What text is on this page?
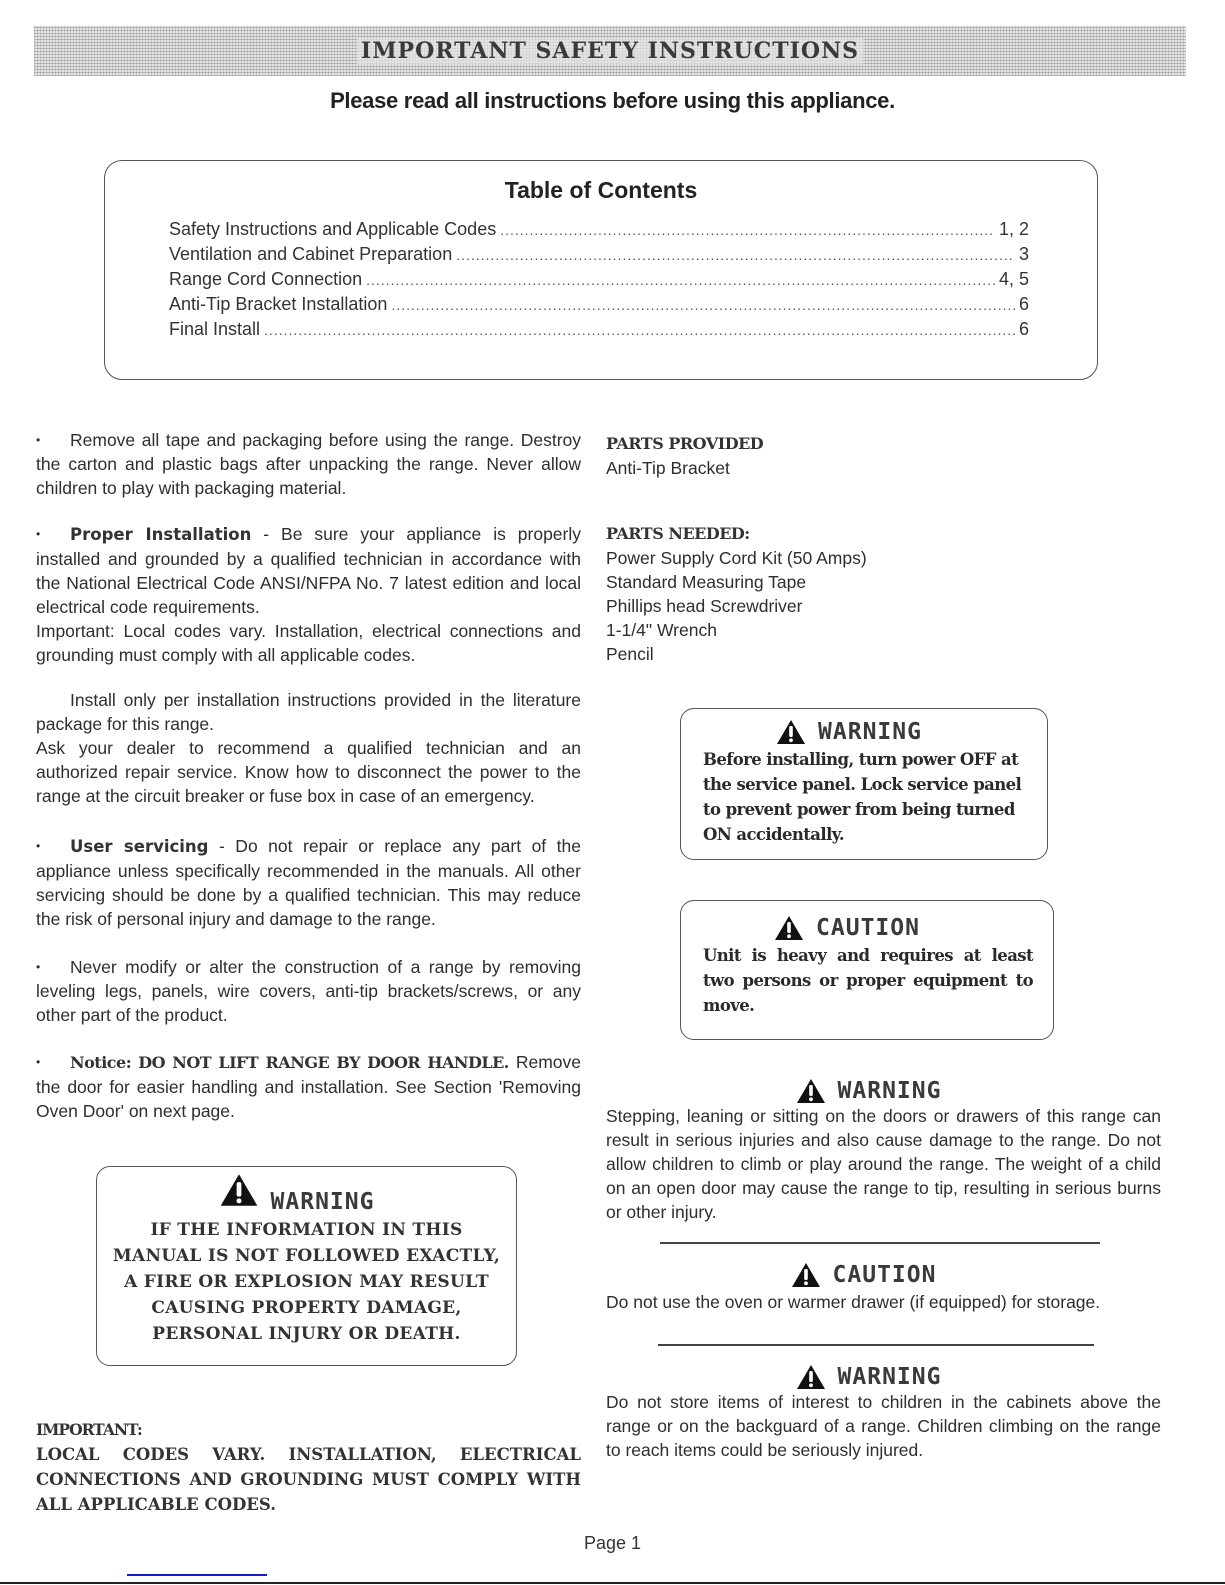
IMPORTANT SAFETY INSTRUCTIONS
Please read all instructions before using this appliance.
Table of Contents
Safety Instructions and Applicable Codes .....	1, 2
Ventilation and Cabinet Preparation .....	3
Range Cord Connection .....	4, 5
Anti-Tip Bracket Installation .....	6
Final Install .....	6

• Remove all tape and packaging before using the range. Destroy the carton and plastic bags after unpacking the range. Never allow children to play with packaging material.

• Proper Installation - Be sure your appliance is properly installed and grounded by a qualified technician in accordance with the National Electrical Code ANSI/NFPA No. 7 latest edition and local electrical code requirements.

Important: Local codes vary. Installation, electrical connections and grounding must comply with all applicable codes.

Install only per installation instructions provided in the literature package for this range.

Ask your dealer to recommend a qualified technician and an authorized repair service. Know how to disconnect the power to the range at the circuit breaker or fuse box in case of an emergency.

• User servicing - Do not repair or replace any part of the appliance unless specifically recommended in the manuals. All other servicing should be done by a qualified technician. This may reduce the risk of personal injury and damage to the range.

• Never modify or alter the construction of a range by removing leveling legs, panels, wire covers, anti-tip brackets/screws, or any other part of the product.

• Notice: DO NOT LIFT RANGE BY DOOR HANDLE. Remove the door for easier handling and installation. See Section 'Removing Oven Door' on next page.

WARNING
IF THE INFORMATION IN THIS
MANUAL IS NOT FOLLOWED EXACTLY,
A FIRE OR EXPLOSION MAY RESULT
CAUSING PROPERTY DAMAGE,
PERSONAL INJURY OR DEATH.
IMPORTANT:
LOCAL CODES VARY. INSTALLATION, ELECTRICAL CONNECTIONS AND GROUNDING MUST COMPLY WITH ALL APPLICABLE CODES.
PARTS PROVIDED
Anti-Tip Bracket
PARTS NEEDED:
Power Supply Cord Kit (50 Amps)
Standard Measuring Tape
Phillips head Screwdriver
1-1/4" Wrench
Pencil
WARNING
Before installing, turn power OFF at the service panel. Lock service panel to prevent power from being turned ON accidentally.
CAUTION
Unit is heavy and requires at least two persons or proper equipment to move.
WARNING

Stepping, leaning or sitting on the doors or drawers of this range can result in serious injuries and also cause damage to the range. Do not allow children to climb or play around the range. The weight of a child on an open door may cause the range to tip, resulting in serious burns or other injury.

CAUTION

Do not use the oven or warmer drawer (if equipped) for storage.

WARNING

Do not store items of interest to children in the cabinets above the range or on the backguard of a range. Children climbing on the range to reach items could be seriously injured.

Page 1
